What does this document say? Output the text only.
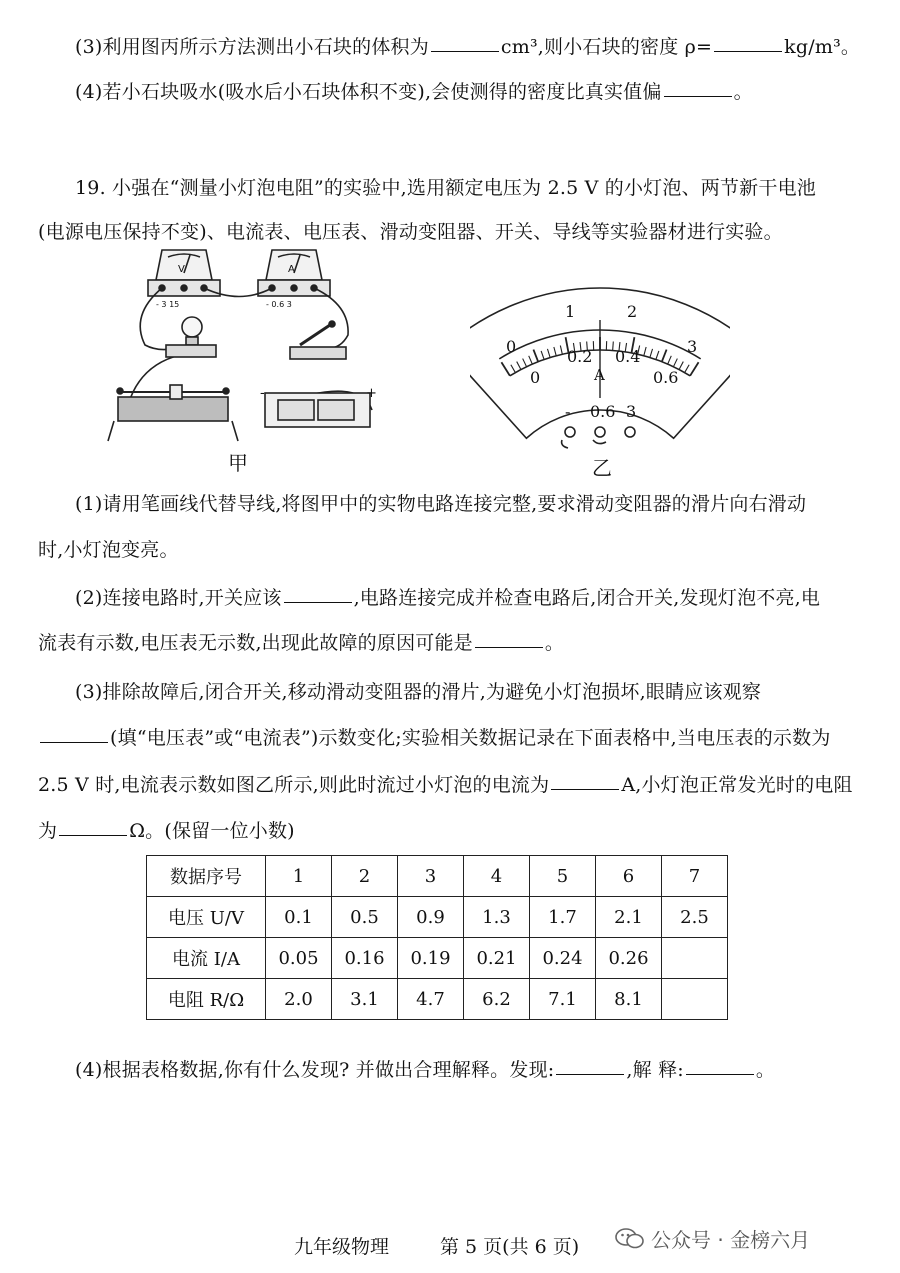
(3)利用图丙所示方法测出小石块的体积为	cm³,则小石块的密度 ρ=	kg/m³。
(4)若小石块吸水(吸水后小石块体积不变),会使测得的密度比真实值偏	。
19. 小强在“测量小灯泡电阻”的实验中,选用额定电压为 2.5 V 的小灯泡、两节新干电池
(电源电压保持不变)、电流表、电压表、滑动变阻器、开关、导线等实验器材进行实验。
V	A
- 3 15	- 0.6 3
-	+
甲
0
1	2
3
0
0.2 0.4
0.6
A
- 0.6 3
乙
(1)请用笔画线代替导线,将图甲中的实物电路连接完整,要求滑动变阻器的滑片向右滑动
时,小灯泡变亮。
(2)连接电路时,开关应该	,电路连接完成并检查电路后,闭合开关,发现灯泡不亮,电
流表有示数,电压表无示数,出现此故障的原因可能是	。
(3)排除故障后,闭合开关,移动滑动变阻器的滑片,为避免小灯泡损坏,眼睛应该观察
(填“电压表”或“电流表”)示数变化;实验相关数据记录在下面表格中,当电压表的示数为
2.5 V 时,电流表示数如图乙所示,则此时流过小灯泡的电流为	A,小灯泡正常发光时的电阻
为	Ω。(保留一位小数)
数据序号	1	2	3	4	5	6	7
电压 U/V	0.1	0.5	0.9	1.3	1.7	2.1	2.5
电流 I/A	0.05	0.16	0.19	0.21	0.24	0.26	
电阻 R/Ω	2.0	3.1	4.7	6.2	7.1	8.1	
(4)根据表格数据,你有什么发现? 并做出合理解释。发现:	,解 释:	。
九年级物理	第 5 页(共 6 页)	公众号 · 金榜六月
